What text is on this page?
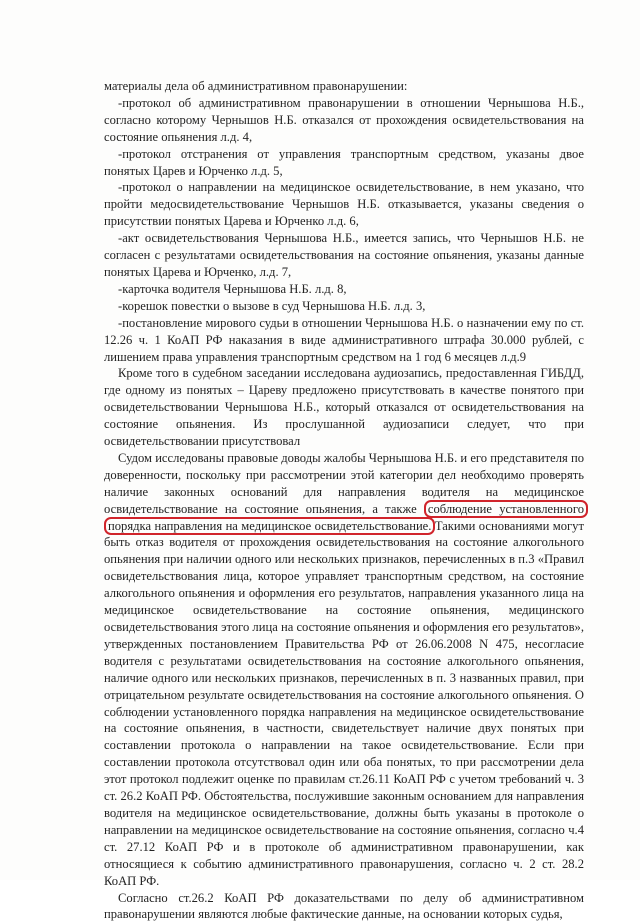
материалы дела об административном правонарушении:

-протокол об административном правонарушении в отношении Чернышова Н.Б., согласно которому Чернышов Н.Б. отказался от прохождения освидетельствования на состояние опьянения л.д. 4,

-протокол отстранения от управления транспортным средством, указаны двое понятых Царев и Юрченко л.д. 5,

-протокол о направлении на медицинское освидетельствование, в нем указано, что пройти медосвидетельствование Чернышов Н.Б. отказывается, указаны сведения о присутствии понятых Царева и Юрченко л.д. 6,

-акт освидетельствования Чернышова Н.Б., имеется запись, что Чернышов Н.Б. не согласен с результатами освидетельствования на состояние опьянения, указаны данные понятых Царева и Юрченко, л.д. 7,

-карточка водителя Чернышова Н.Б. л.д. 8,

-корешок повестки о вызове в суд Чернышова Н.Б. л.д. 3,

-постановление мирового судьи в отношении Чернышова Н.Б. о назначении ему по ст. 12.26 ч. 1 КоАП РФ наказания в виде административного штрафа 30.000 рублей, с лишением права управления транспортным средством на 1 год 6 месяцев л.д.9

Кроме того в судебном заседании исследована аудиозапись, предоставленная ГИБДД, где одному из понятых – Цареву предложено присутствовать в качестве понятого при освидетельствовании Чернышова Н.Б., который отказался от освидетельствования на состояние опьянения. Из прослушанной аудиозаписи следует, что при освидетельствовании присутствовал

Судом исследованы правовые доводы жалобы Чернышова Н.Б. и его представителя по доверенности, поскольку при рассмотрении этой категории дел необходимо проверять наличие законных оснований для направления водителя на медицинское освидетельствование на состояние опьянения, а также соблюдение установленного порядка направления на медицинское освидетельствование. Такими основаниями могут быть отказ водителя от прохождения освидетельствования на состояние алкогольного опьянения при наличии одного или нескольких признаков, перечисленных в п.3 «Правил освидетельствования лица, которое управляет транспортным средством, на состояние алкогольного опьянения и оформления его результатов, направления указанного лица на медицинское освидетельствование на состояние опьянения, медицинского освидетельствования этого лица на состояние опьянения и оформления его результатов», утвержденных постановлением Правительства РФ от 26.06.2008 N 475, несогласие водителя с результатами освидетельствования на состояние алкогольного опьянения, наличие одного или нескольких признаков, перечисленных в п. 3 названных правил, при отрицательном результате освидетельствования на состояние алкогольного опьянения. О соблюдении установленного порядка направления на медицинское освидетельствование на состояние опьянения, в частности, свидетельствует наличие двух понятых при составлении протокола о направлении на такое освидетельствование. Если при составлении протокола отсутствовал один или оба понятых, то при рассмотрении дела этот протокол подлежит оценке по правилам ст.26.11 КоАП РФ с учетом требований ч. 3 ст. 26.2 КоАП РФ. Обстоятельства, послужившие законным основанием для направления водителя на медицинское освидетельствование, должны быть указаны в протоколе о направлении на медицинское освидетельствование на состояние опьянения, согласно ч.4 ст. 27.12 КоАП РФ и в протоколе об административном правонарушении, как относящиеся к событию административного правонарушения, согласно ч. 2 ст. 28.2 КоАП РФ.

Согласно ст.26.2 КоАП РФ доказательствами по делу об административном правонарушении являются любые фактические данные, на основании которых судья,
